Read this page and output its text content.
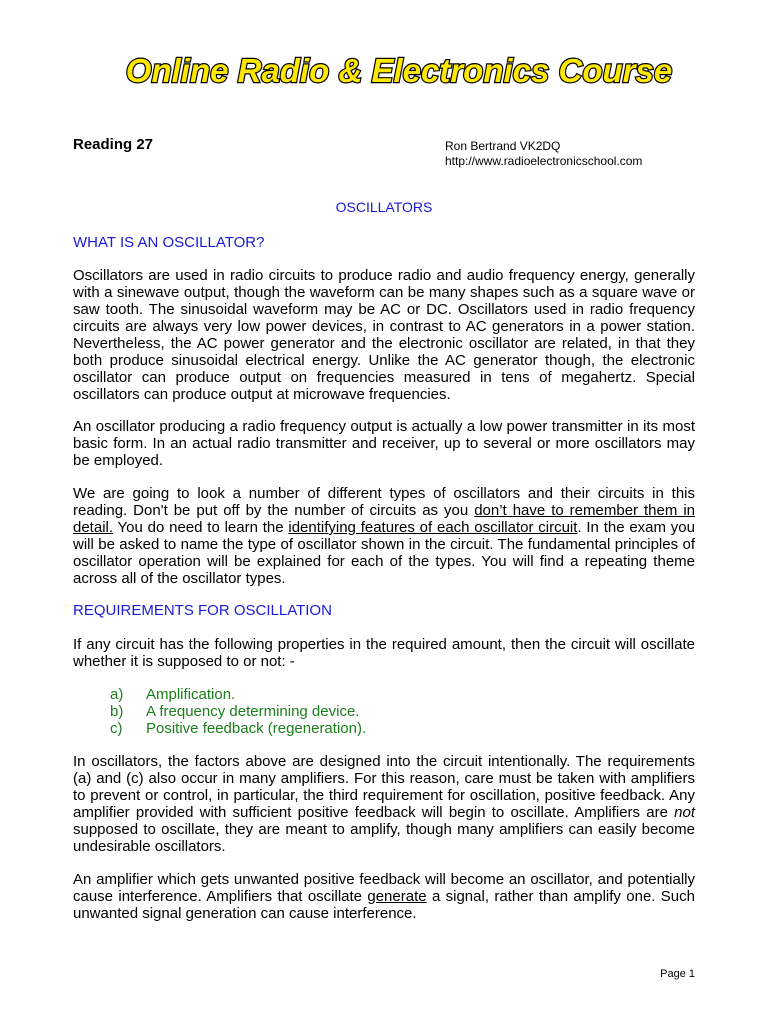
Online Radio & Electronics Course
Reading 27	Ron Bertrand VK2DQ
http://www.radioelectronicschool.com
OSCILLATORS
WHAT IS AN OSCILLATOR?
Oscillators are used in radio circuits to produce radio and audio frequency energy, generally with a sinewave output, though the waveform can be many shapes such as a square wave or saw tooth. The sinusoidal waveform may be AC or DC. Oscillators used in radio frequency circuits are always very low power devices, in contrast to AC generators in a power station. Nevertheless, the AC power generator and the electronic oscillator are related, in that they both produce sinusoidal electrical energy. Unlike the AC generator though, the electronic oscillator can produce output on frequencies measured in tens of megahertz. Special oscillators can produce output at microwave frequencies.
An oscillator producing a radio frequency output is actually a low power transmitter in its most basic form. In an actual radio transmitter and receiver, up to several or more oscillators may be employed.
We are going to look a number of different types of oscillators and their circuits in this reading. Don't be put off by the number of circuits as you don’t have to remember them in detail. You do need to learn the identifying features of each oscillator circuit. In the exam you will be asked to name the type of oscillator shown in the circuit. The fundamental principles of oscillator operation will be explained for each of the types. You will find a repeating theme across all of the oscillator types.
REQUIREMENTS FOR OSCILLATION
If any circuit has the following properties in the required amount, then the circuit will oscillate whether it is supposed to or not: -
a)	Amplification.
b)	A frequency determining device.
c)	Positive feedback (regeneration).
In oscillators, the factors above are designed into the circuit intentionally. The requirements (a) and (c) also occur in many amplifiers. For this reason, care must be taken with amplifiers to prevent or control, in particular, the third requirement for oscillation, positive feedback. Any amplifier provided with sufficient positive feedback will begin to oscillate. Amplifiers are not supposed to oscillate, they are meant to amplify, though many amplifiers can easily become undesirable oscillators.
An amplifier which gets unwanted positive feedback will become an oscillator, and potentially cause interference. Amplifiers that oscillate generate a signal, rather than amplify one. Such unwanted signal generation can cause interference.
Page 1
